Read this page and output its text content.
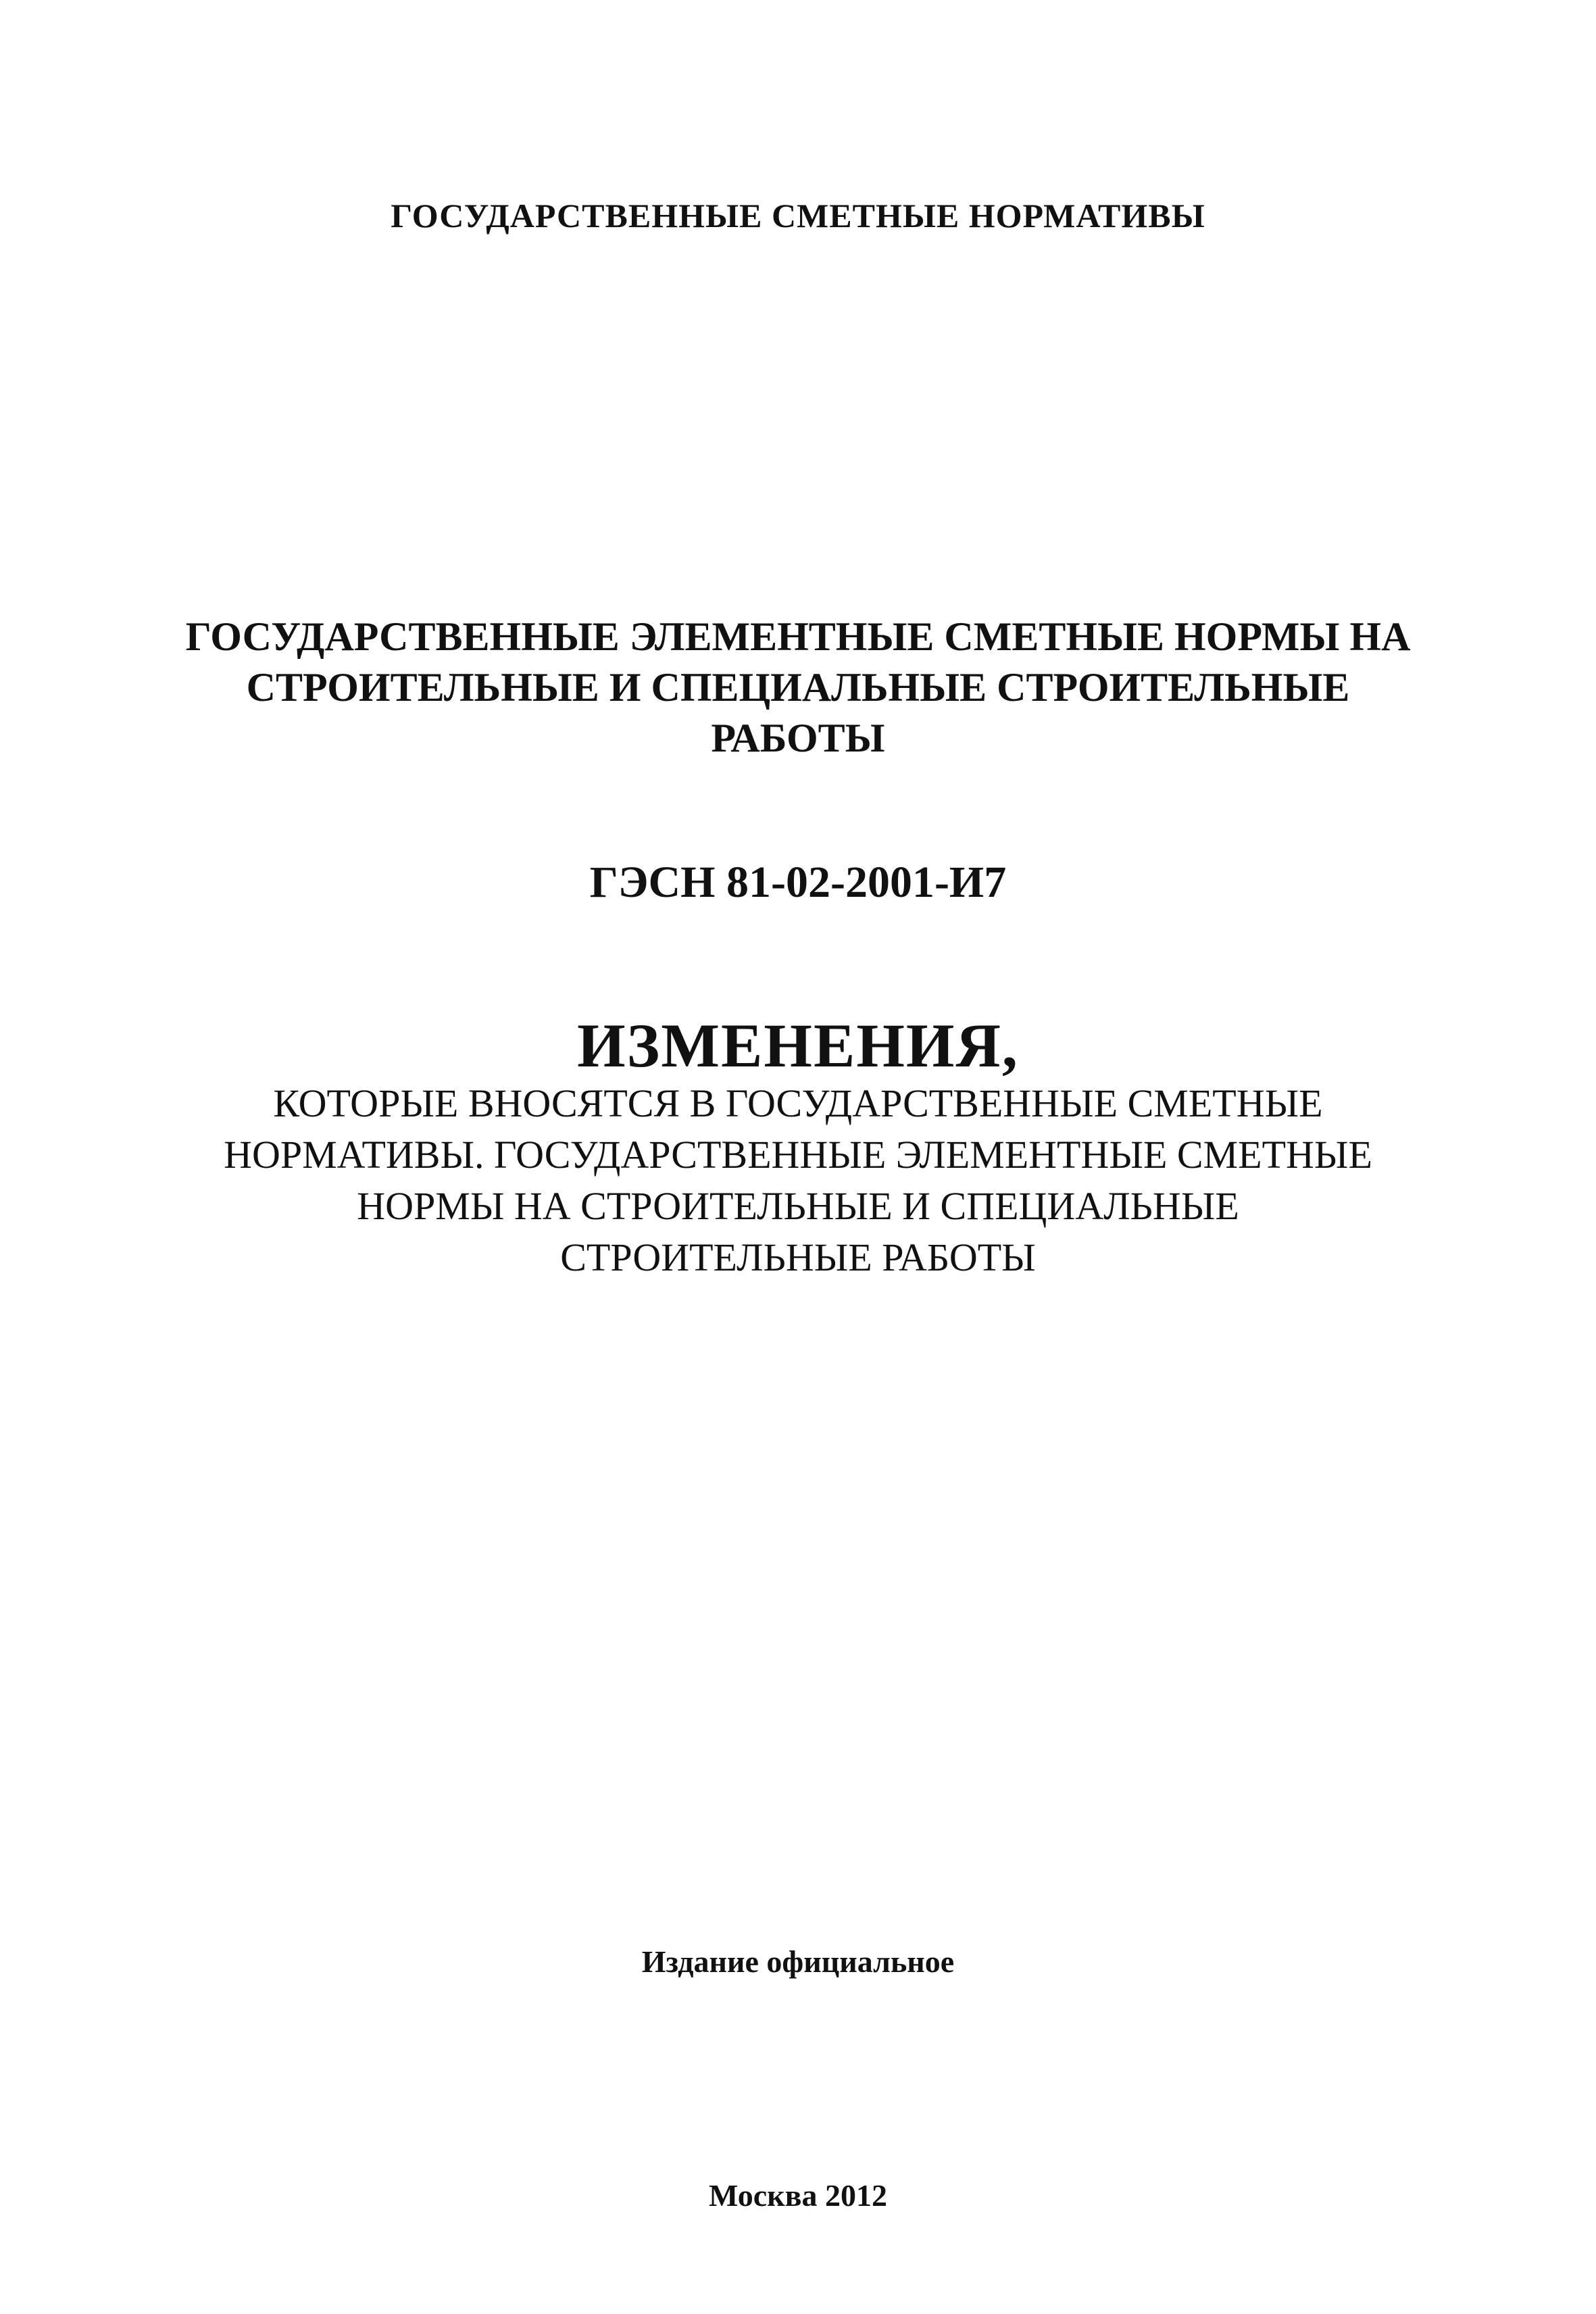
ГОСУДАРСТВЕННЫЕ СМЕТНЫЕ НОРМАТИВЫ
ГОСУДАРСТВЕННЫЕ ЭЛЕМЕНТНЫЕ СМЕТНЫЕ НОРМЫ НА
СТРОИТЕЛЬНЫЕ И СПЕЦИАЛЬНЫЕ СТРОИТЕЛЬНЫЕ
РАБОТЫ
ГЭСН 81-02-2001-И7
ИЗМЕНЕНИЯ,
КОТОРЫЕ ВНОСЯТСЯ В ГОСУДАРСТВЕННЫЕ СМЕТНЫЕ
НОРМАТИВЫ. ГОСУДАРСТВЕННЫЕ ЭЛЕМЕНТНЫЕ СМЕТНЫЕ
НОРМЫ НА СТРОИТЕЛЬНЫЕ И СПЕЦИАЛЬНЫЕ
СТРОИТЕЛЬНЫЕ РАБОТЫ
Издание официальное
Москва 2012
